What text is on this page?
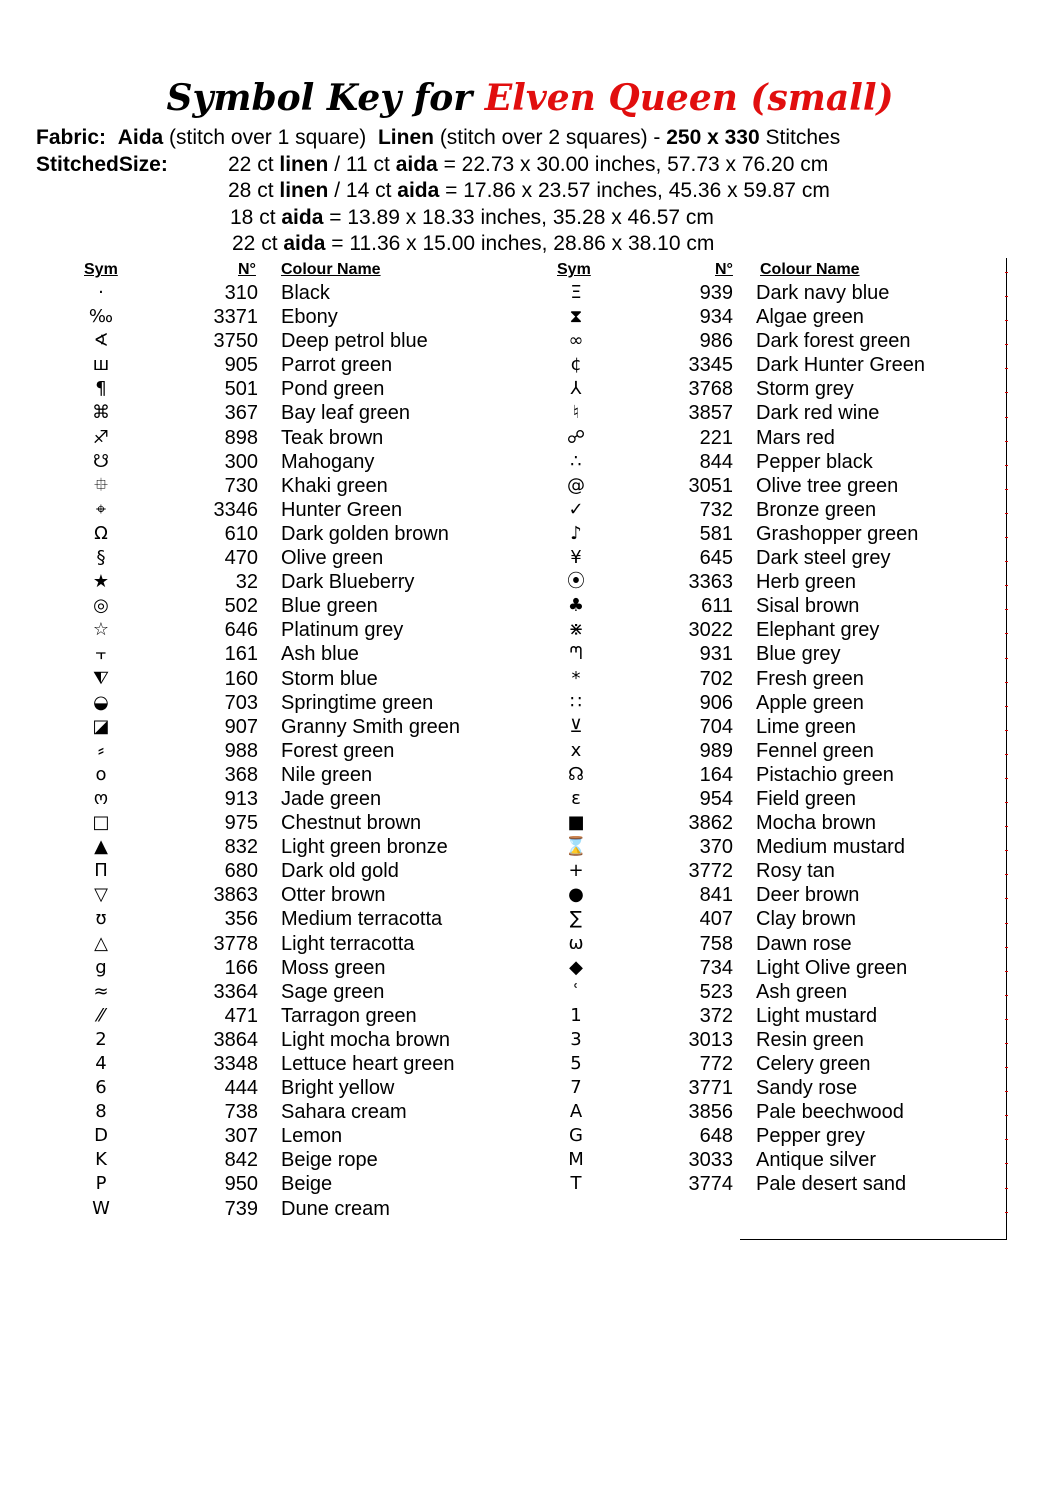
Symbol Key for Elven Queen (small)
Fabric: Aida (stitch over 1 square) Linen (stitch over 2 squares) - 250 x 330 Stitches
StitchedSize:	22 ct linen / 11 ct aida = 22.73 x 30.00 inches, 57.73 x 76.20 cm
28 ct linen / 14 ct aida = 17.86 x 23.57 inches, 45.36 x 59.87 cm
18 ct aida = 13.89 x 18.33 inches, 35.28 x 46.57 cm
22 ct aida = 11.36 x 15.00 inches, 28.86 x 38.10 cm
Sym	N° Colour Name	Sym	N° Colour Name
·	310 Black
‰	3371 Ebony
∢	3750 Deep petrol blue
ш	905 Parrot green
¶	501 Pond green
⌘	367 Bay leaf green
♐	898 Teak brown
☋	300 Mahogany
⯐	730 Khaki green
⌖	3346 Hunter Green
Ω	610 Dark golden brown
§	470 Olive green
★	32 Dark Blueberry
◎	502 Blue green
☆	646 Platinum grey
⫟	161 Ash blue
⧨	160 Storm blue
◒	703 Springtime green
◪	907 Granny Smith green
⸗	988 Forest green
o	368 Nile green
ო	913 Jade green
□	975 Chestnut brown
▲	832 Light green bronze
Π	680 Dark old gold
▽	3863 Otter brown
ʊ	356 Medium terracotta
△	3778 Light terracotta
g	166 Moss green
≈	3364 Sage green
⁄⁄	471 Tarragon green
2	3864 Light mocha brown
4	3348 Lettuce heart green
6	444 Bright yellow
8	738 Sahara cream
D	307 Lemon
K	842 Beige rope
P	950 Beige
W	739 Dune cream
Ξ	939 Dark navy blue
⧗	934 Algae green
∞	986 Dark forest green
¢	3345 Dark Hunter Green
⅄	3768 Storm grey
♮	3857 Dark red wine
☍	221 Mars red
∴	844 Pepper black
@	3051 Olive tree green
✓	732 Bronze green
♪	581 Grashopper green
¥	645 Dark steel grey
⦿	3363 Herb green
♣	611 Sisal brown
⋇	3022 Elephant grey
ᘉ	931 Blue grey
*	702 Fresh green
∷	906 Apple green
⊻	704 Lime green
x	989 Fennel green
☊	164 Pistachio green
ε	954 Field green
■	3862 Mocha brown
⌛	370 Medium mustard
+	3772 Rosy tan
●	841 Deer brown
∑	407 Clay brown
ω	758 Dawn rose
◆	734 Light Olive green
ʿ	523 Ash green
1	372 Light mustard
3	3013 Resin green
5	772 Celery green
7	3771 Sandy rose
A	3856 Pale beechwood
G	648 Pepper grey
M	3033 Antique silver
T	3774 Pale desert sand
